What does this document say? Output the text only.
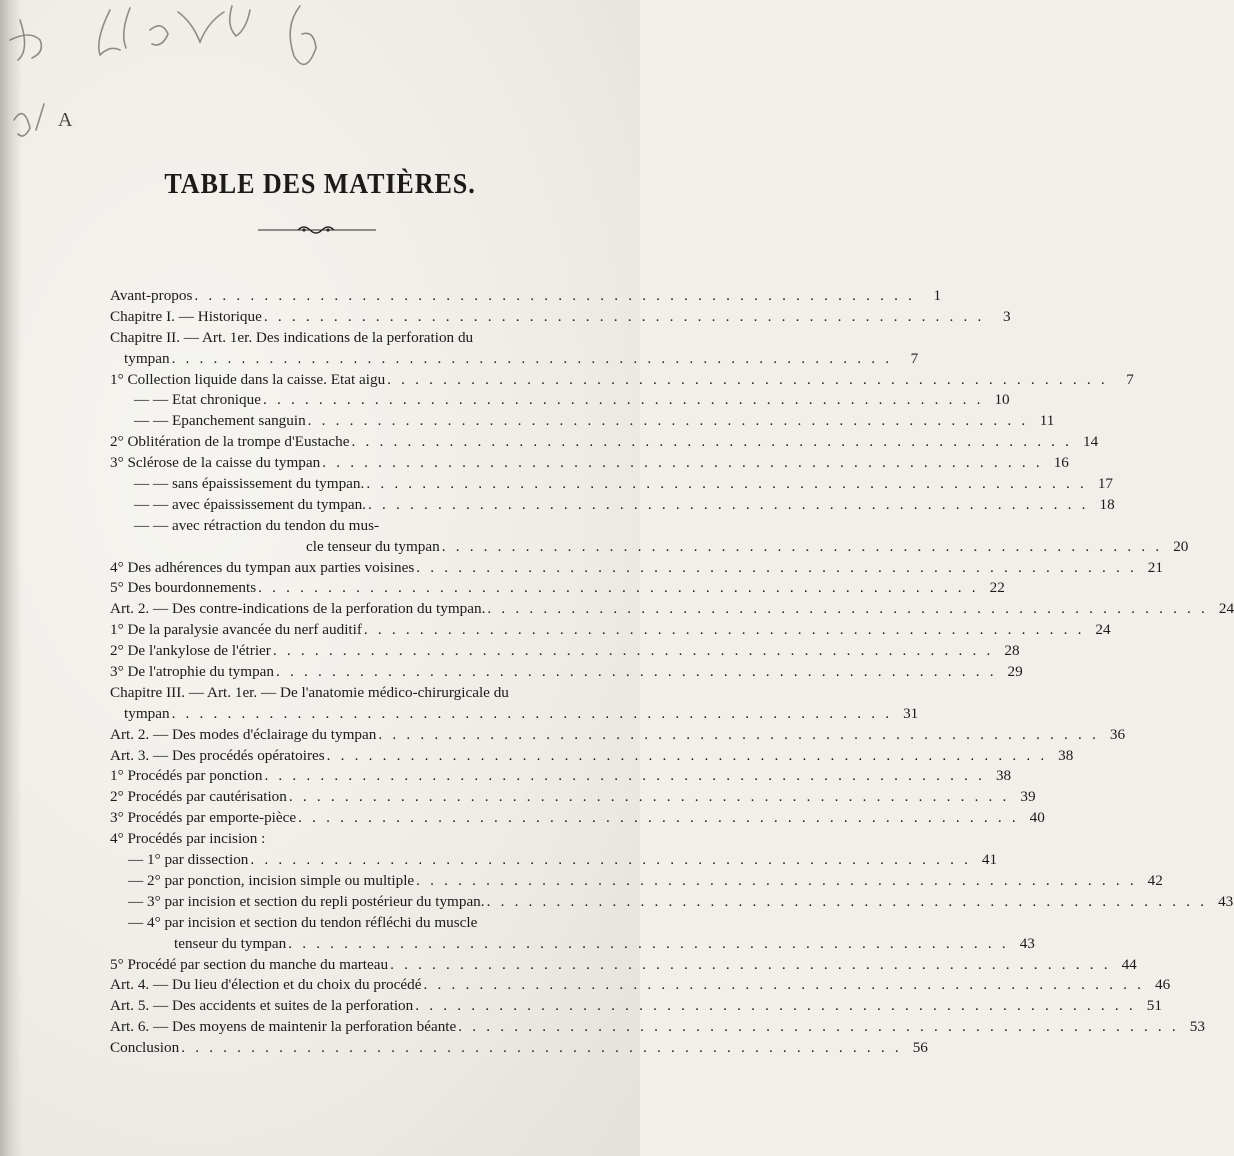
A
TABLE DES MATIÈRES.
Avant-propos . . .	1
Chapitre I. — Historique . . .	3
Chapitre II. — Art. 1er. Des indications de la perforation du
tympan . . .	7
1° Collection liquide dans la caisse. Etat aigu . . .	7
— — Etat chronique . . .	10
— — Epanchement sanguin . . .	11
2° Oblitération de la trompe d'Eustache . . .	14
3° Sclérose de la caisse du tympan . . .	16
— — sans épaississement du tympan. . . .	17
— — avec épaississement du tympan. . . .	18
— — avec rétraction du tendon du mus-
cle tenseur du tympan . . .	20
4° Des adhérences du tympan aux parties voisines . . .	21
5° Des bourdonnements . . .	22
Art. 2. — Des contre-indications de la perforation du tympan. . . .	24
1° De la paralysie avancée du nerf auditif . . .	24
2° De l'ankylose de l'étrier . . .	28
3° De l'atrophie du tympan . . .	29
Chapitre III. — Art. 1er. — De l'anatomie médico-chirurgicale du
tympan . . .	31
Art. 2. — Des modes d'éclairage du tympan . . .	36
Art. 3. — Des procédés opératoires . . .	38
1° Procédés par ponction . . .	38
2° Procédés par cautérisation . . .	39
3° Procédés par emporte-pièce . . .	40
4° Procédés par incision :
— 1° par dissection . . .	41
— 2° par ponction, incision simple ou multiple . . .	42
— 3° par incision et section du repli postérieur du tympan. . . .	43
— 4° par incision et section du tendon réfléchi du muscle
tenseur du tympan . . .	43
5° Procédé par section du manche du marteau . . .	44
Art. 4. — Du lieu d'élection et du choix du procédé . . .	46
Art. 5. — Des accidents et suites de la perforation . . .	51
Art. 6. — Des moyens de maintenir la perforation béante . . .	53
Conclusion . . .	56
